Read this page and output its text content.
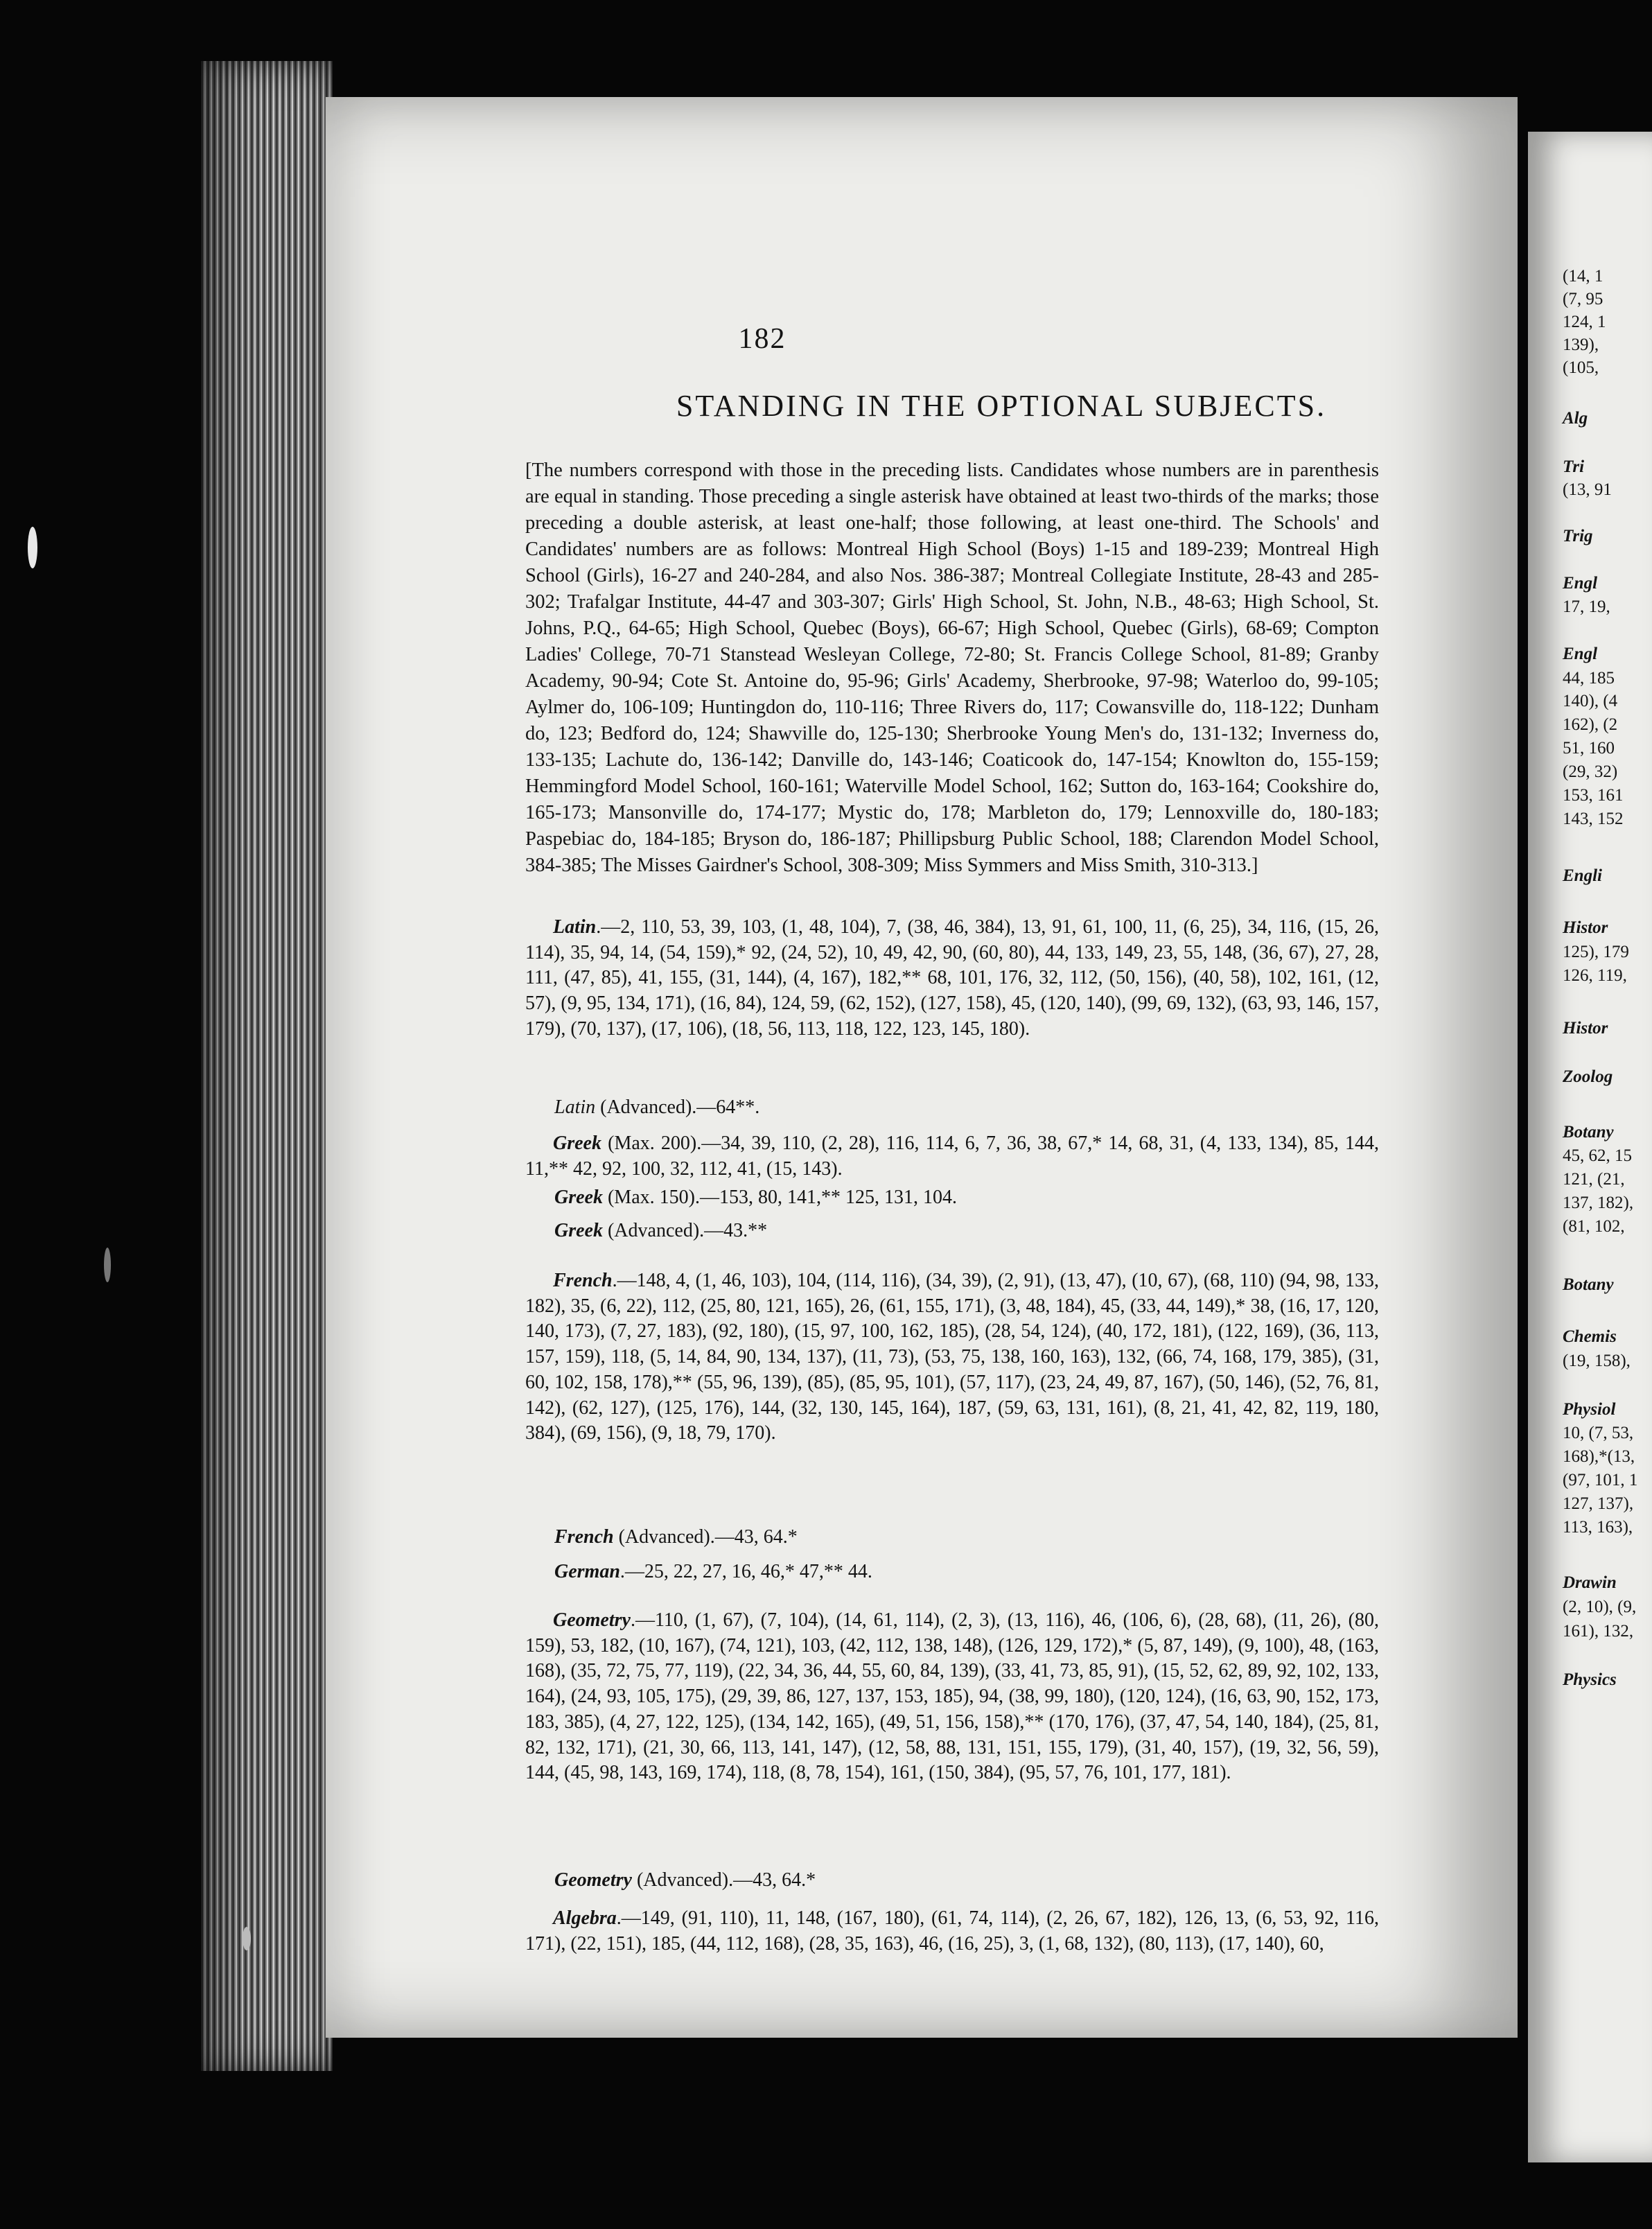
182
STANDING IN THE OPTIONAL SUBJECTS.

[The numbers correspond with those in the preceding lists. Candidates whose numbers are in parenthesis are equal in standing. Those preceding a single asterisk have obtained at least two-thirds of the marks; those preceding a double asterisk, at least one-half; those following, at least one-third. The Schools' and Candidates' numbers are as follows: Montreal High School (Boys) 1-15 and 189-239; Montreal High School (Girls), 16-27 and 240-284, and also Nos. 386-387; Montreal Collegiate Institute, 28-43 and 285-302; Trafalgar Institute, 44-47 and 303-307; Girls' High School, St. John, N.B., 48-63; High School, St. Johns, P.Q., 64-65; High School, Quebec (Boys), 66-67; High School, Quebec (Girls), 68-69; Compton Ladies' College, 70-71 Stanstead Wesleyan College, 72-80; St. Francis College School, 81-89; Granby Academy, 90-94; Cote St. Antoine do, 95-96; Girls' Academy, Sherbrooke, 97-98; Waterloo do, 99-105; Aylmer do, 106-109; Huntingdon do, 110-116; Three Rivers do, 117; Cowansville do, 118-122; Dunham do, 123; Bedford do, 124; Shawville do, 125-130; Sherbrooke Young Men's do, 131-132; Inverness do, 133-135; Lachute do, 136-142; Danville do, 143-146; Coaticook do, 147-154; Knowlton do, 155-159; Hemmingford Model School, 160-161; Waterville Model School, 162; Sutton do, 163-164; Cookshire do, 165-173; Mansonville do, 174-177; Mystic do, 178; Marbleton do, 179; Lennoxville do, 180-183; Paspebiac do, 184-185; Bryson do, 186-187; Phillipsburg Public School, 188; Clarendon Model School, 384-385; The Misses Gairdner's School, 308-309; Miss Symmers and Miss Smith, 310-313.]

Latin.—2, 110, 53, 39, 103, (1, 48, 104), 7, (38, 46, 384), 13, 91, 61, 100, 11, (6, 25), 34, 116, (15, 26, 114), 35, 94, 14, (54, 159),* 92, (24, 52), 10, 49, 42, 90, (60, 80), 44, 133, 149, 23, 55, 148, (36, 67), 27, 28, 111, (47, 85), 41, 155, (31, 144), (4, 167), 182,** 68, 101, 176, 32, 112, (50, 156), (40, 58), 102, 161, (12, 57), (9, 95, 134, 171), (16, 84), 124, 59, (62, 152), (127, 158), 45, (120, 140), (99, 69, 132), (63, 93, 146, 157, 179), (70, 137), (17, 106), (18, 56, 113, 118, 122, 123, 145, 180).
Latin (Advanced).—64**.
Greek (Max. 200).—34, 39, 110, (2, 28), 116, 114, 6, 7, 36, 38, 67,* 14, 68, 31, (4, 133, 134), 85, 144, 11,** 42, 92, 100, 32, 112, 41, (15, 143).
Greek (Max. 150).—153, 80, 141,** 125, 131, 104.
Greek (Advanced).—43.**
French.—148, 4, (1, 46, 103), 104, (114, 116), (34, 39), (2, 91), (13, 47), (10, 67), (68, 110) (94, 98, 133, 182), 35, (6, 22), 112, (25, 80, 121, 165), 26, (61, 155, 171), (3, 48, 184), 45, (33, 44, 149),* 38, (16, 17, 120, 140, 173), (7, 27, 183), (92, 180), (15, 97, 100, 162, 185), (28, 54, 124), (40, 172, 181), (122, 169), (36, 113, 157, 159), 118, (5, 14, 84, 90, 134, 137), (11, 73), (53, 75, 138, 160, 163), 132, (66, 74, 168, 179, 385), (31, 60, 102, 158, 178),** (55, 96, 139), (85), (85, 95, 101), (57, 117), (23, 24, 49, 87, 167), (50, 146), (52, 76, 81, 142), (62, 127), (125, 176), 144, (32, 130, 145, 164), 187, (59, 63, 131, 161), (8, 21, 41, 42, 82, 119, 180, 384), (69, 156), (9, 18, 79, 170).
French (Advanced).—43, 64.*
German.—25, 22, 27, 16, 46,* 47,** 44.
Geometry.—110, (1, 67), (7, 104), (14, 61, 114), (2, 3), (13, 116), 46, (106, 6), (28, 68), (11, 26), (80, 159), 53, 182, (10, 167), (74, 121), 103, (42, 112, 138, 148), (126, 129, 172),* (5, 87, 149), (9, 100), 48, (163, 168), (35, 72, 75, 77, 119), (22, 34, 36, 44, 55, 60, 84, 139), (33, 41, 73, 85, 91), (15, 52, 62, 89, 92, 102, 133, 164), (24, 93, 105, 175), (29, 39, 86, 127, 137, 153, 185), 94, (38, 99, 180), (120, 124), (16, 63, 90, 152, 173, 183, 385), (4, 27, 122, 125), (134, 142, 165), (49, 51, 156, 158),** (170, 176), (37, 47, 54, 140, 184), (25, 81, 82, 132, 171), (21, 30, 66, 113, 141, 147), (12, 58, 88, 131, 151, 155, 179), (31, 40, 157), (19, 32, 56, 59), 144, (45, 98, 143, 169, 174), 118, (8, 78, 154), 161, (150, 384), (95, 57, 76, 101, 177, 181).
Geometry (Advanced).—43, 64.*
Algebra.—149, (91, 110), 11, 148, (167, 180), (61, 74, 114), (2, 26, 67, 182), 126, 13, (6, 53, 92, 116, 171), (22, 151), 185, (44, 112, 168), (28, 35, 163), 46, (16, 25), 3, (1, 68, 132), (80, 113), (17, 140), 60,
(14, 1
(7, 95
124, 1
139),
(105,
Alg
Tri
(13, 91
Trig
Engl
17, 19,
Engl
44, 185
140), (4
162), (2
51, 160
(29, 32)
153, 161
143, 152
Engli
Histor
125), 179
126, 119,
Histor
Zoolog
Botany
45, 62, 15
121, (21,
137, 182),
(81, 102,
Botany
Chemis
(19, 158),
Physiol
10, (7, 53,
168),*(13,
(97, 101, 1
127, 137),
113, 163),
Drawin
(2, 10), (9,
161), 132,
Physics
